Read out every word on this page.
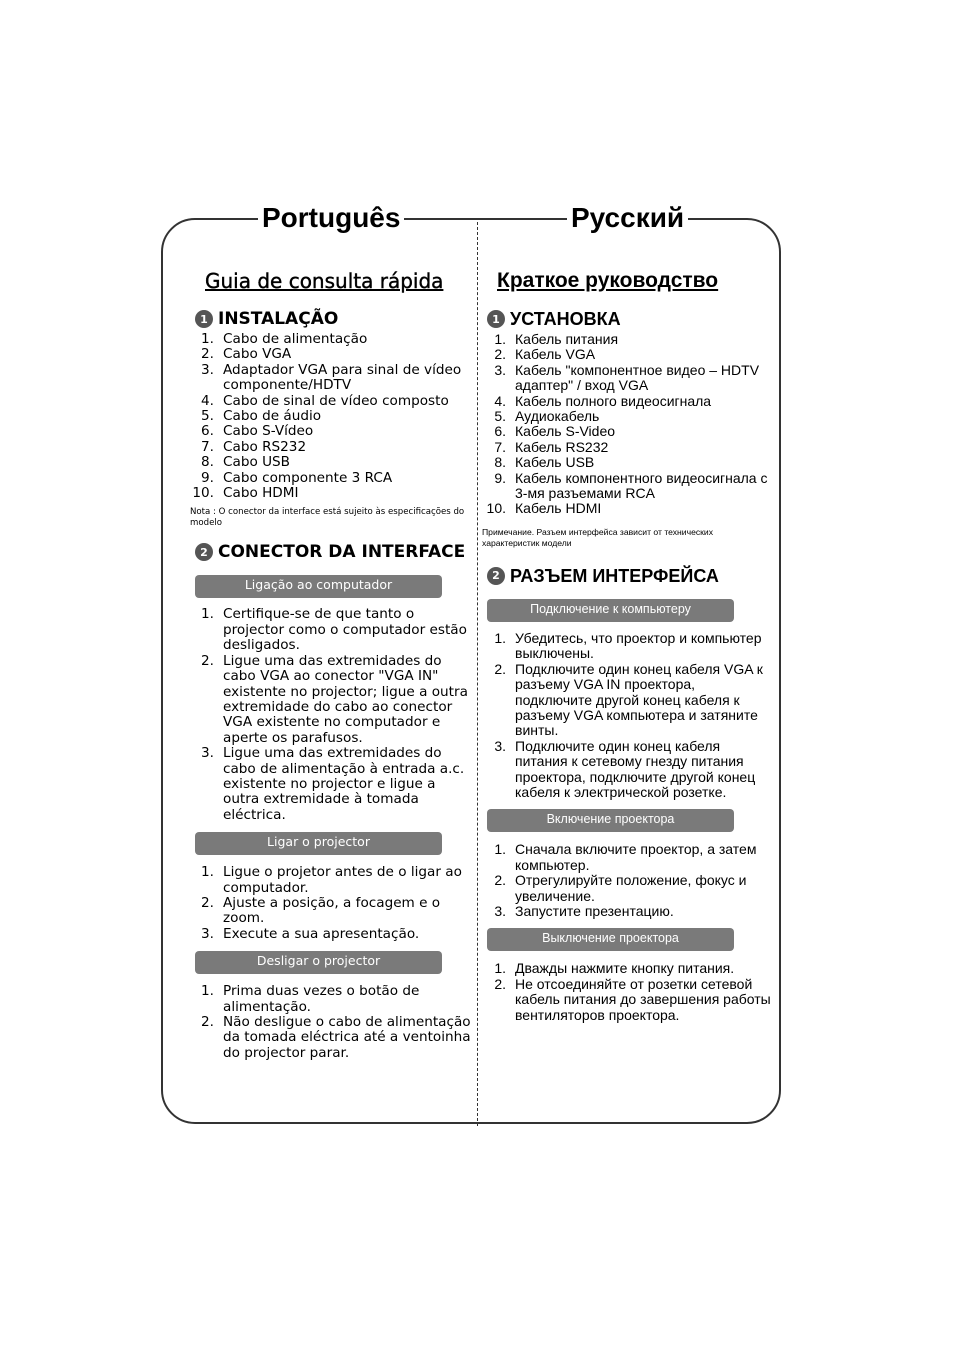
Português	Русский
Guia de consulta rápida
1 INSTALAÇÃO
1. Cabo de alimentação
2. Cabo VGA
3. Adaptador VGA para sinal de vídeo componente/HDTV
4. Cabo de sinal de vídeo composto
5. Cabo de áudio
6. Cabo S-Vídeo
7. Cabo RS232
8. Cabo USB
9. Cabo componente 3 RCA
10. Cabo HDMI
Nota : O conector da interface está sujeito às especificações do modelo
2 CONECTOR DA INTERFACE
Ligação ao computador
1. Certifique-se de que tanto o projector como o computador estão desligados.
2. Ligue uma das extremidades do cabo VGA ao conector "VGA IN" existente no projector; ligue a outra extremidade do cabo ao conector VGA existente no computador e aperte os parafusos.
3. Ligue uma das extremidades do cabo de alimentação à entrada a.c. existente no projector e ligue a outra extremidade à tomada eléctrica.
Ligar o projector
1. Ligue o projetor antes de o ligar ao computador.
2. Ajuste a posição, a focagem e o zoom.
3. Execute a sua apresentação.
Desligar o projector
1. Prima duas vezes o botão de alimentação.
2. Não desligue o cabo de alimentação da tomada eléctrica até a ventoinha do projector parar.
Краткое руководство
1 УСТАНОВКА
1. Кабель питания
2. Кабель VGA
3. Кабель "компонентное видео – HDTV адаптер" / вход VGA
4. Кабель полного видеосигнала
5. Аудиокабель
6. Кабель S-Video
7. Кабель RS232
8. Кабель USB
9. Кабель компонентного видеосигнала с 3-мя разъемами RCA
10. Кабель HDMI
Примечание. Разъем интерфейса зависит от технических характеристик модели
2 РАЗЪЕМ ИНТЕРФЕЙСА
Подключение к компьютеру
1. Убедитесь, что проектор и компьютер выключены.
2. Подключите один конец кабеля VGA к разъему VGA IN проектора, подключите другой конец кабеля к разъему VGA компьютера и затяните винты.
3. Подключите один конец кабеля питания к сетевому гнезду питания проектора, подключите другой конец кабеля к электрической розетке.
Включение проектора
1. Сначала включите проектор, а затем компьютер.
2. Отрегулируйте положение, фокус и увеличение.
3. Запустите презентацию.
Выключение проектора
1. Дважды нажмите кнопку питания.
2. Не отсоединяйте от розетки сетевой кабель питания до завершения работы вентиляторов проектора.
